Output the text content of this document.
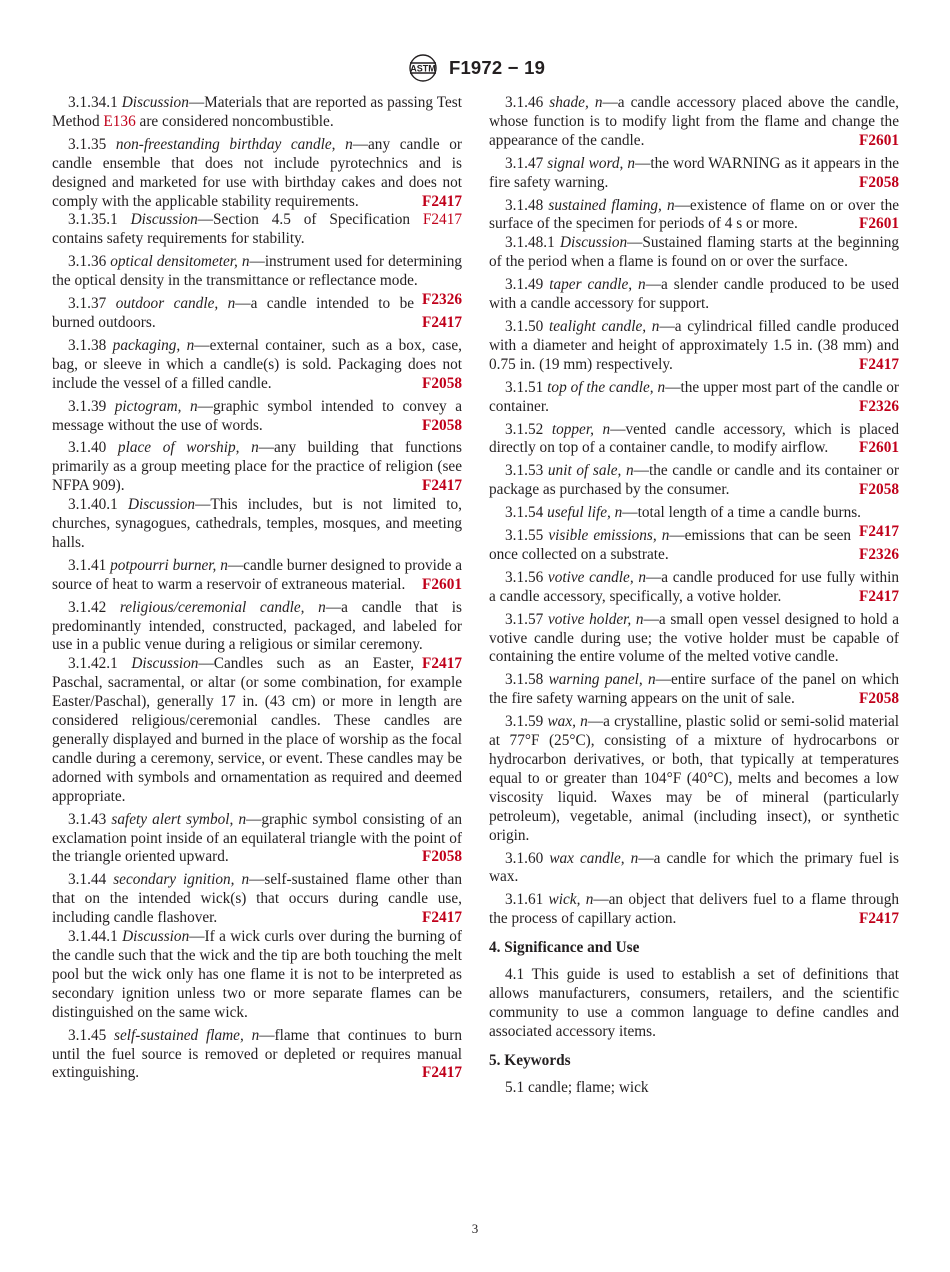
ASTM F1972 − 19

3.1.34.1 Discussion—Materials that are reported as passing Test Method E136 are considered noncombustible.

3.1.35 non-freestanding birthday candle, n—any candle or candle ensemble that does not include pyrotechnics and is designed and marketed for use with birthday cakes and does not comply with the applicable stability requirements.	F2417

3.1.35.1 Discussion—Section 4.5 of Specification F2417 contains safety requirements for stability.

3.1.36 optical densitometer, n—instrument used for determining the optical density in the transmittance or reflectance mode.
F2326

3.1.37 outdoor candle, n—a candle intended to be burned outdoors.	F2417

3.1.38 packaging, n—external container, such as a box, case, bag, or sleeve in which a candle(s) is sold. Packaging does not include the vessel of a filled candle.	F2058

3.1.39 pictogram, n—graphic symbol intended to convey a message without the use of words.	F2058

3.1.40 place of worship, n—any building that functions primarily as a group meeting place for the practice of religion (see NFPA 909).	F2417

3.1.40.1 Discussion—This includes, but is not limited to, churches, synagogues, cathedrals, temples, mosques, and meeting halls.

3.1.41 potpourri burner, n—candle burner designed to provide a source of heat to warm a reservoir of extraneous material. F2601

3.1.42 religious/ceremonial candle, n—a candle that is predominantly intended, constructed, packaged, and labeled for use in a public venue during a religious or similar ceremony.
F2417

3.1.42.1 Discussion—Candles such as an Easter, Paschal, sacramental, or altar (or some combination, for example Easter/Paschal), generally 17 in. (43 cm) or more in length are considered religious/ceremonial candles. These candles are generally displayed and burned in the place of worship as the focal candle during a ceremony, service, or event. These candles may be adorned with symbols and ornamentation as required and deemed appropriate.

3.1.43 safety alert symbol, n—graphic symbol consisting of an exclamation point inside of an equilateral triangle with the point of the triangle oriented upward.	F2058

3.1.44 secondary ignition, n—self-sustained flame other than that on the intended wick(s) that occurs during candle use, including candle flashover.	F2417

3.1.44.1 Discussion—If a wick curls over during the burning of the candle such that the wick and the tip are both touching the melt pool but the wick only has one flame it is not to be interpreted as secondary ignition unless two or more separate flames can be distinguished on the same wick.

3.1.45 self-sustained flame, n—flame that continues to burn until the fuel source is removed or depleted or requires manual extinguishing.	F2417

3.1.46 shade, n—a candle accessory placed above the candle, whose function is to modify light from the flame and change the appearance of the candle.	F2601

3.1.47 signal word, n—the word WARNING as it appears in the fire safety warning.	F2058

3.1.48 sustained flaming, n—existence of flame on or over the surface of the specimen for periods of 4 s or more.	F2601

3.1.48.1 Discussion—Sustained flaming starts at the beginning of the period when a flame is found on or over the surface.

3.1.49 taper candle, n—a slender candle produced to be used with a candle accessory for support.

3.1.50 tealight candle, n—a cylindrical filled candle produced with a diameter and height of approximately 1.5 in. (38 mm) and 0.75 in. (19 mm) respectively.	F2417

3.1.51 top of the candle, n—the upper most part of the candle or container.	F2326

3.1.52 topper, n—vented candle accessory, which is placed directly on top of a container candle, to modify airflow. F2601

3.1.53 unit of sale, n—the candle or candle and its container or package as purchased by the consumer.	F2058

3.1.54 useful life, n—total length of a time a candle burns.
F2417

3.1.55 visible emissions, n—emissions that can be seen once collected on a substrate.	F2326

3.1.56 votive candle, n—a candle produced for use fully within a candle accessory, specifically, a votive holder.	F2417

3.1.57 votive holder, n—a small open vessel designed to hold a votive candle during use; the votive holder must be capable of containing the entire volume of the melted votive candle.

3.1.58 warning panel, n—entire surface of the panel on which the fire safety warning appears on the unit of sale.	F2058

3.1.59 wax, n—a crystalline, plastic solid or semi-solid material at 77°F (25°C), consisting of a mixture of hydrocarbons or hydrocarbon derivatives, or both, that typically at temperatures equal to or greater than 104°F (40°C), melts and becomes a low viscosity liquid. Waxes may be of mineral (particularly petroleum), vegetable, animal (including insect), or synthetic origin.

3.1.60 wax candle, n—a candle for which the primary fuel is wax.

3.1.61 wick, n—an object that delivers fuel to a flame through the process of capillary action.	F2417

4. Significance and Use

4.1 This guide is used to establish a set of definitions that allows manufacturers, consumers, retailers, and the scientific community to use a common language to define candles and associated accessory items.

5. Keywords

5.1 candle; flame; wick

3
